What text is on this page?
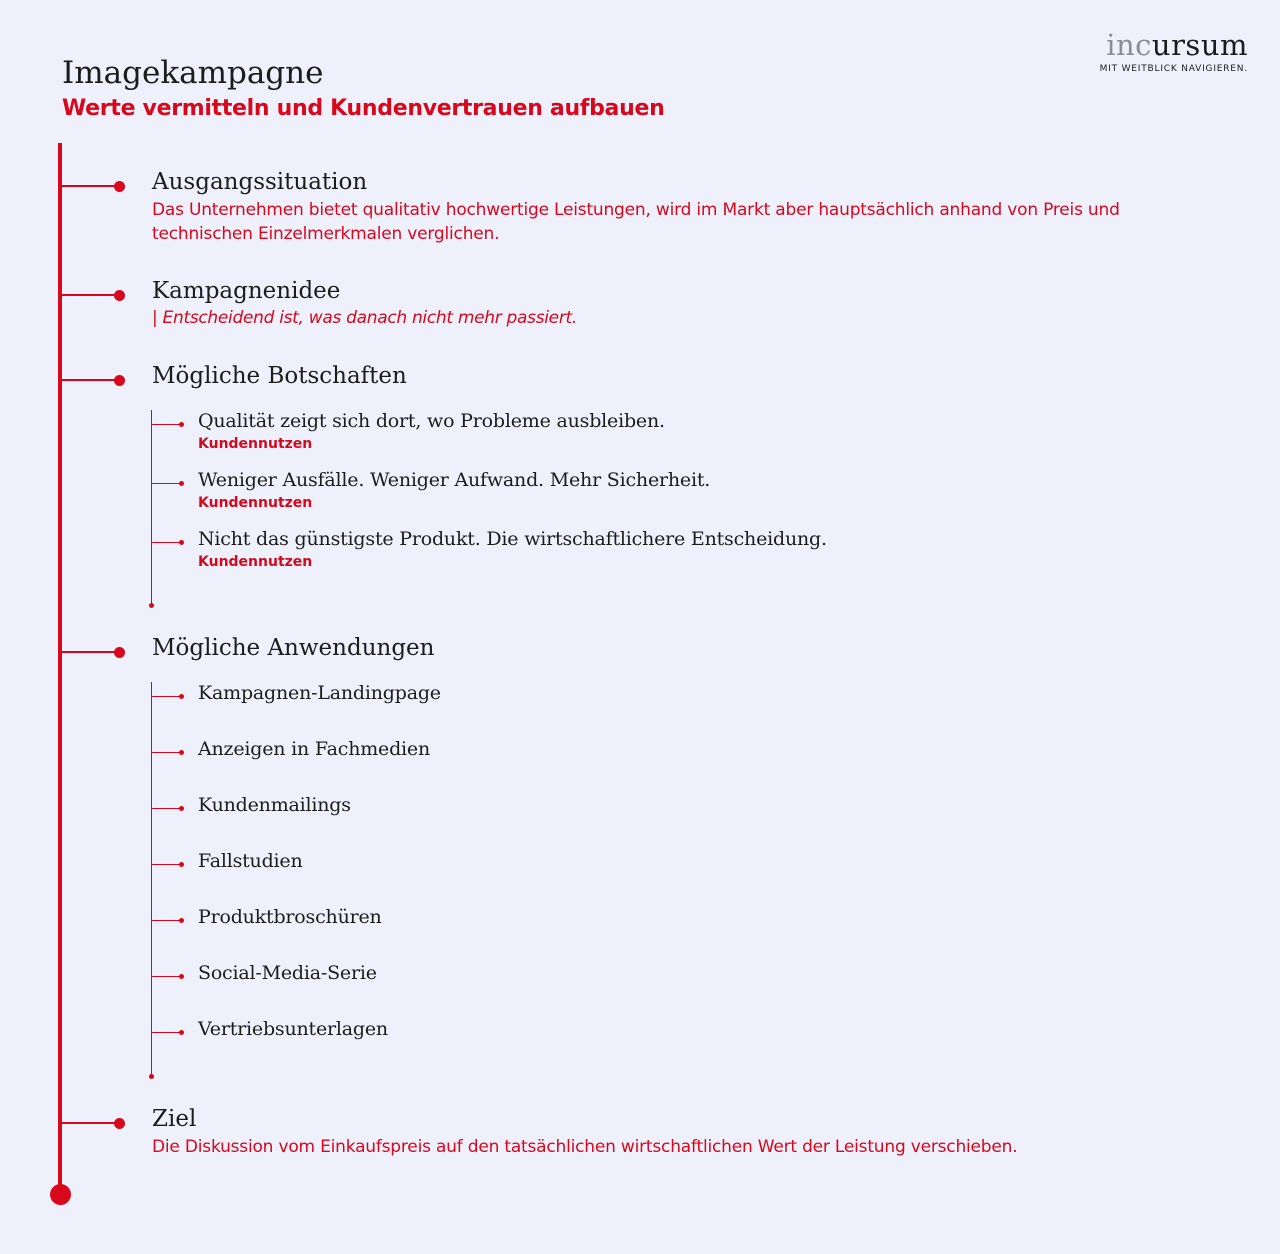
Imagekampagne
Werte vermitteln und Kundenvertrauen aufbauen
incursum
MIT WEITBLICK NAVIGIEREN.
Ausgangssituation
Das Unternehmen bietet qualitativ hochwertige Leistungen, wird im Markt aber hauptsächlich anhand von Preis und technischen Einzelmerkmalen verglichen.
Kampagnenidee
| Entscheidend ist, was danach nicht mehr passiert.
Mögliche Botschaften
Qualität zeigt sich dort, wo Probleme ausbleiben.
Kundennutzen
Weniger Ausfälle. Weniger Aufwand. Mehr Sicherheit.
Kundennutzen
Nicht das günstigste Produkt. Die wirtschaftlichere Entscheidung.
Kundennutzen
Mögliche Anwendungen
Kampagnen-Landingpage
Anzeigen in Fachmedien
Kundenmailings
Fallstudien
Produktbroschüren
Social-Media-Serie
Vertriebsunterlagen
Ziel
Die Diskussion vom Einkaufspreis auf den tatsächlichen wirtschaftlichen Wert der Leistung verschieben.
